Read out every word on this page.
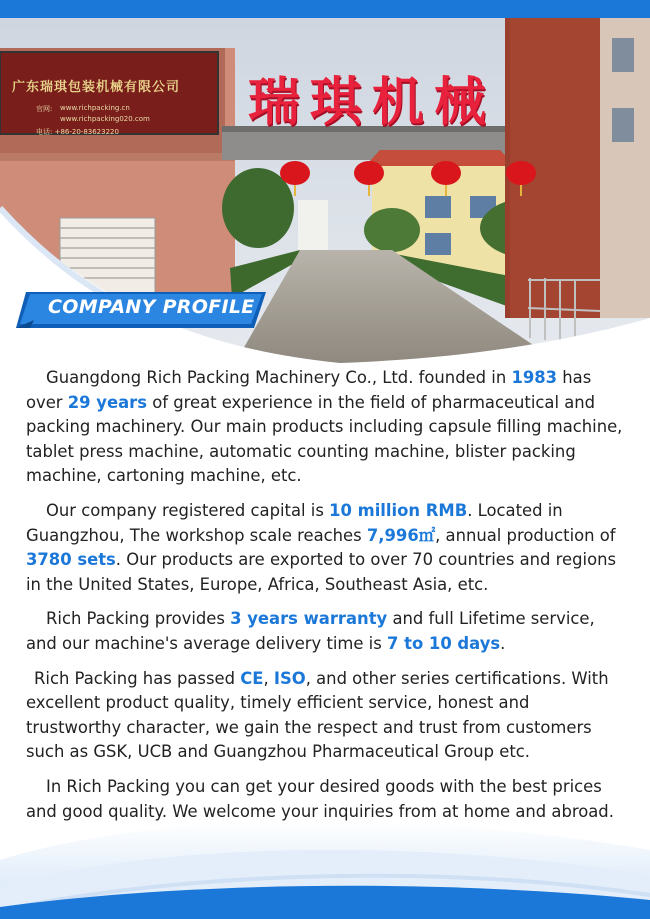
广东瑞琪包装机械有限公司
官网: www.richpacking.cn
www.richpacking020.com
电话: +86-20-83623220 瑞琪机械
COMPANY PROFILE

Guangdong Rich Packing Machinery Co., Ltd. founded in 1983 has over 29 years of great experience in the field of pharmaceutical and packing machinery. Our main products including capsule filling machine, tablet press machine, automatic counting machine, blister packing machine, cartoning machine, etc.

Our company registered capital is 10 million RMB. Located in Guangzhou, The workshop scale reaches 7,996㎡, annual production of 3780 sets. Our products are exported to over 70 countries and regions in the United States, Europe, Africa, Southeast Asia, etc.

Rich Packing provides 3 years warranty and full Lifetime service, and our machine's average delivery time is 7 to 10 days.

Rich Packing has passed CE, ISO, and other series certifications. With excellent product quality, timely efficient service, honest and trustworthy character, we gain the respect and trust from customers such as GSK, UCB and Guangzhou Pharmaceutical Group etc.

In Rich Packing you can get your desired goods with the best prices and good quality. We welcome your inquiries from at home and abroad.
